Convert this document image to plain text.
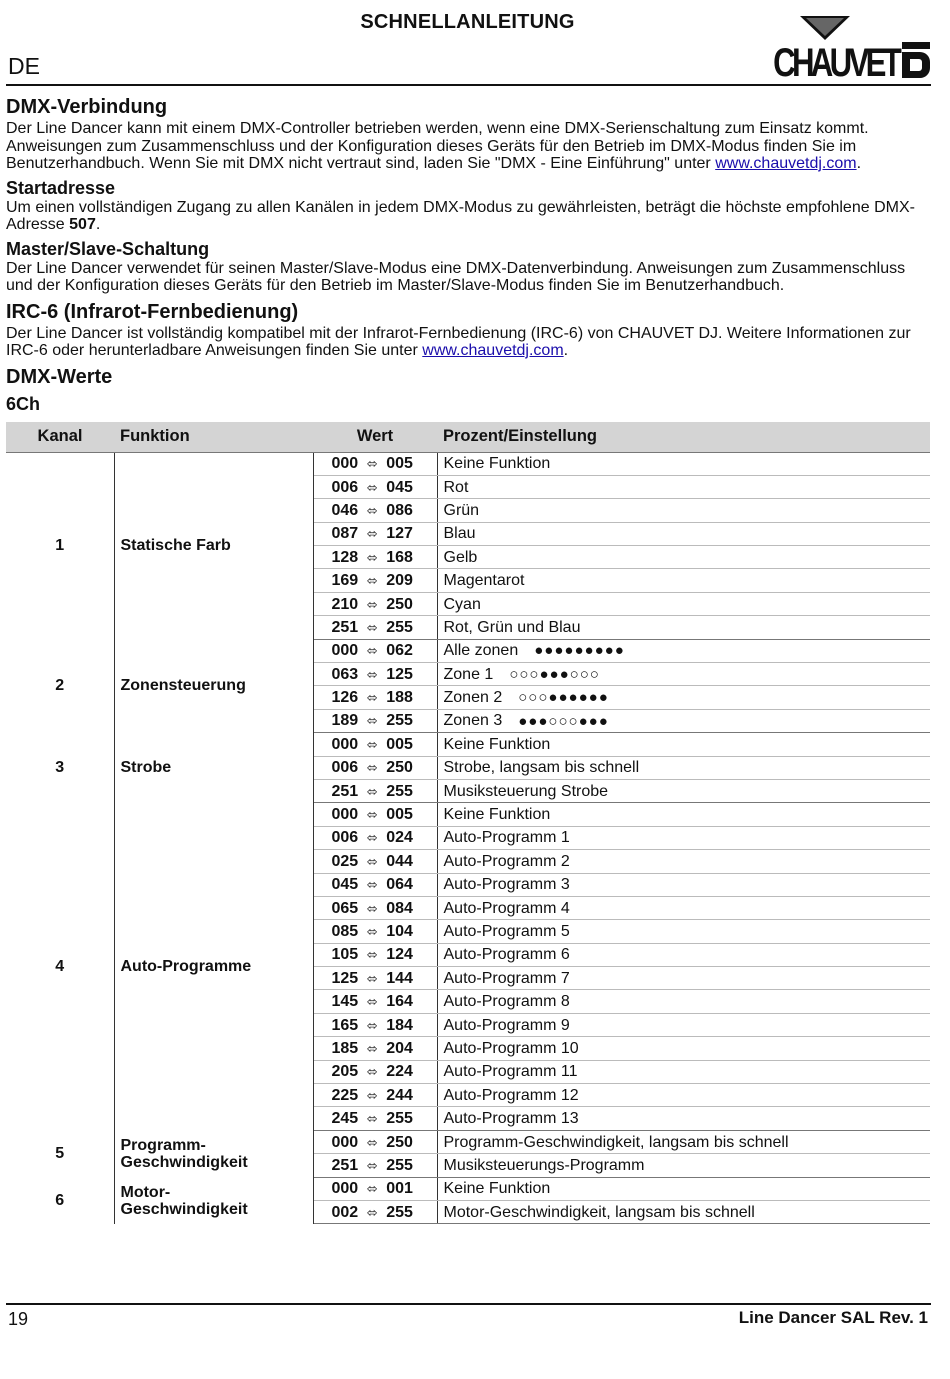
SCHNELLANLEITUNG
DE	CHAUVET
DMX-Verbindung

Der Line Dancer kann mit einem DMX-Controller betrieben werden, wenn eine DMX-Serienschaltung zum Einsatz kommt. Anweisungen zum Zusammenschluss und der Konfiguration dieses Geräts für den Betrieb im DMX-Modus finden Sie im Benutzerhandbuch. Wenn Sie mit DMX nicht vertraut sind, laden Sie "DMX - Eine Einführung" unter www.chauvetdj.com.

Startadresse

Um einen vollständigen Zugang zu allen Kanälen in jedem DMX-Modus zu gewährleisten, beträgt die höchste empfohlene DMX-Adresse 507.

Master/Slave-Schaltung

Der Line Dancer verwendet für seinen Master/Slave-Modus eine DMX-Datenverbindung. Anweisungen zum Zusammenschluss und der Konfiguration dieses Geräts für den Betrieb im Master/Slave-Modus finden Sie im Benutzerhandbuch.

IRC-6 (Infrarot-Fernbedienung)

Der Line Dancer ist vollständig kompatibel mit der Infrarot-Fernbedienung (IRC-6) von CHAUVET DJ. Weitere Informationen zur IRC-6 oder herunterladbare Anweisungen finden Sie unter www.chauvetdj.com.

DMX-Werte
6Ch
Kanal	Funktion	Wert	Prozent/Einstellung
1	Statische Farb	000 ⬄ 005	Keine Funktion
		006 ⬄ 045	Rot
		046 ⬄ 086	Grün
		087 ⬄ 127	Blau
		128 ⬄ 168	Gelb
		169 ⬄ 209	Magentarot
		210 ⬄ 250	Cyan
		251 ⬄ 255	Rot, Grün und Blau
2	Zonensteuerung	000 ⬄ 062	Alle zonen ●●●●●●●●●
		063 ⬄ 125	Zone 1 ○○○●●●○○○
		126 ⬄ 188	Zonen 2 ○○○●●●●●●
		189 ⬄ 255	Zonen 3 ●●●○○○●●●
3	Strobe	000 ⬄ 005	Keine Funktion
		006 ⬄ 250	Strobe, langsam bis schnell
		251 ⬄ 255	Musiksteuerung Strobe
4	Auto-Programme	000 ⬄ 005	Keine Funktion
		006 ⬄ 024	Auto-Programm 1
		025 ⬄ 044	Auto-Programm 2
		045 ⬄ 064	Auto-Programm 3
		065 ⬄ 084	Auto-Programm 4
		085 ⬄ 104	Auto-Programm 5
		105 ⬄ 124	Auto-Programm 6
		125 ⬄ 144	Auto-Programm 7
		145 ⬄ 164	Auto-Programm 8
		165 ⬄ 184	Auto-Programm 9
		185 ⬄ 204	Auto-Programm 10
		205 ⬄ 224	Auto-Programm 11
		225 ⬄ 244	Auto-Programm 12
		245 ⬄ 255	Auto-Programm 13
5	Programm-
Geschwindigkeit	000 ⬄ 250	Programm-Geschwindigkeit, langsam bis schnell
		251 ⬄ 255	Musiksteuerungs-Programm
6	Motor-
Geschwindigkeit	000 ⬄ 001	Keine Funktion
		002 ⬄ 255	Motor-Geschwindigkeit, langsam bis schnell
19	Line Dancer SAL Rev. 1
